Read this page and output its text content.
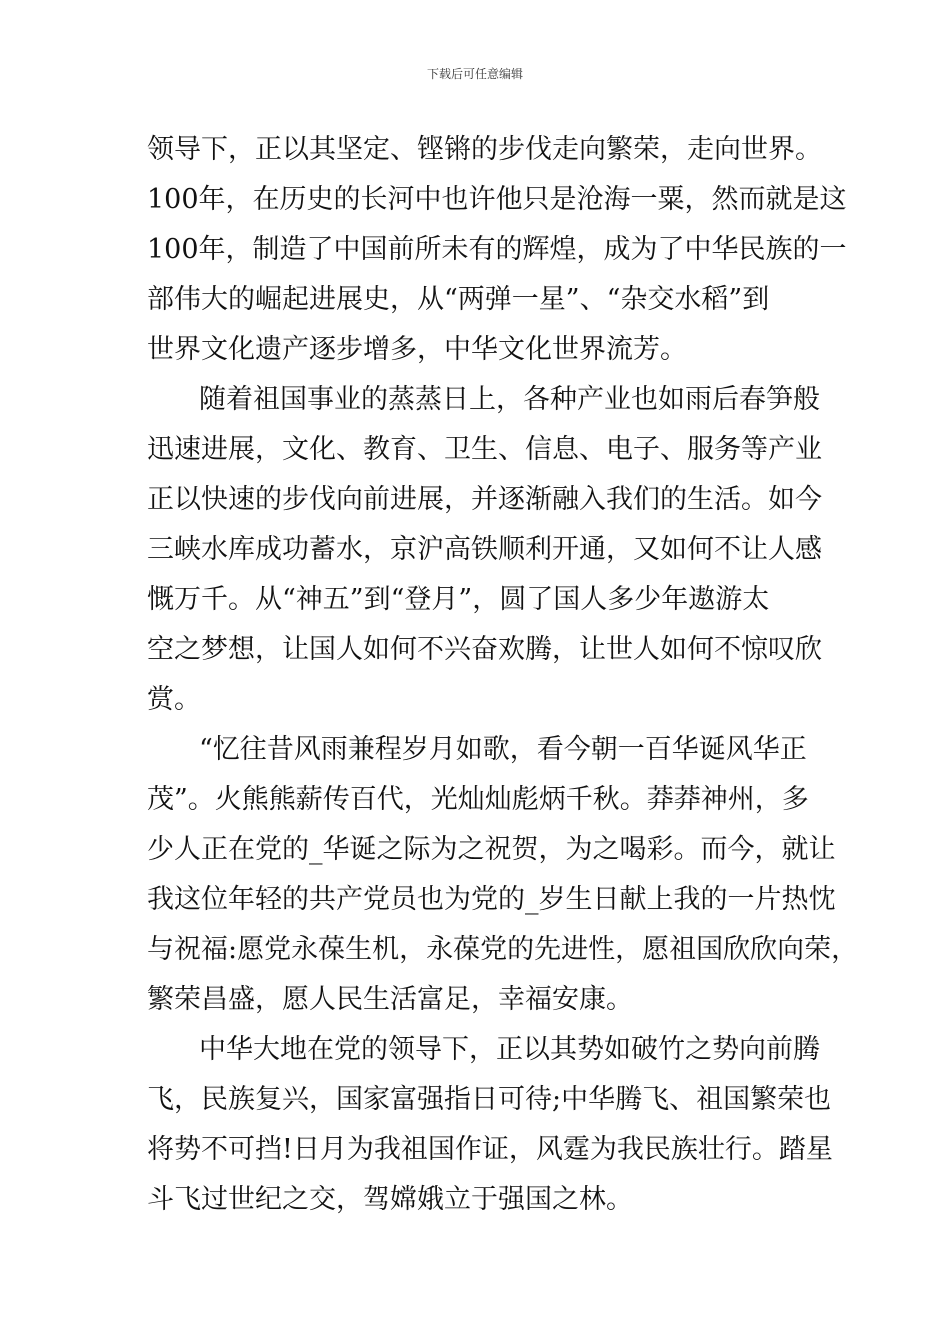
下载后可任意编辑
领导下，正以其坚定、铿锵的步伐走向繁荣，走向世界。
100年，在历史的长河中也许他只是沧海一粟，然而就是这
100年，制造了中国前所未有的辉煌，成为了中华民族的一
部伟大的崛起进展史，从“两弹一星”、“杂交水稻”到
世界文化遗产逐步增多，中华文化世界流芳。
随着祖国事业的蒸蒸日上，各种产业也如雨后春笋般
迅速进展，文化、教育、卫生、信息、电子、服务等产业
正以快速的步伐向前进展，并逐渐融入我们的生活。如今
三峡水库成功蓄水，京沪高铁顺利开通，又如何不让人感
慨万千。从“神五”到“登月”，圆了国人多少年遨游太
空之梦想，让国人如何不兴奋欢腾，让世人如何不惊叹欣
赏。
“忆往昔风雨兼程岁月如歌，看今朝一百华诞风华正
茂”。火熊熊薪传百代，光灿灿彪炳千秋。莽莽神州，多
少人正在党的_华诞之际为之祝贺，为之喝彩。而今，就让
我这位年轻的共产党员也为党的_岁生日献上我的一片热忱
与祝福:愿党永葆生机，永葆党的先进性，愿祖国欣欣向荣，
繁荣昌盛，愿人民生活富足，幸福安康。
中华大地在党的领导下，正以其势如破竹之势向前腾
飞，民族复兴，国家富强指日可待;中华腾飞、祖国繁荣也
将势不可挡!日月为我祖国作证，风霆为我民族壮行。踏星
斗飞过世纪之交，驾嫦娥立于强国之林。
